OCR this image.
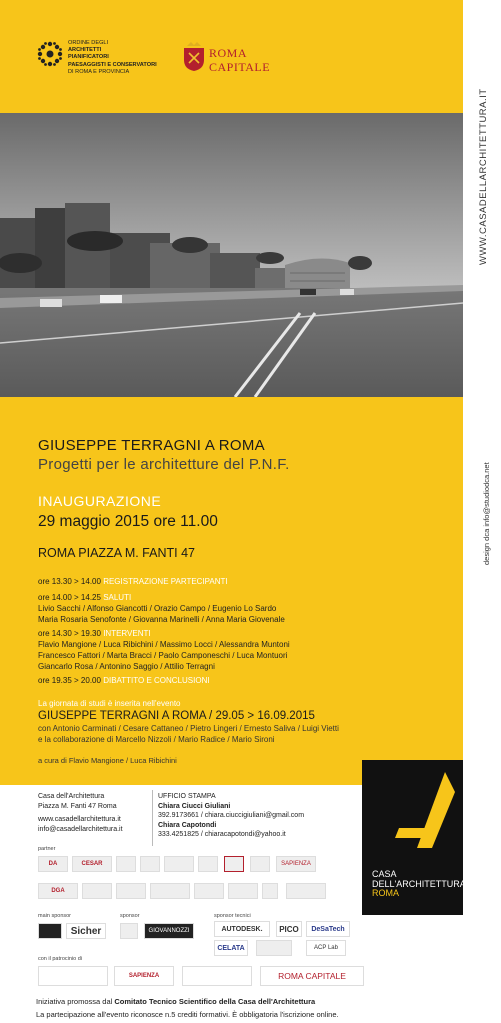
WWW.CASADELLARCHITETTURA.IT
design dca info@studiodca.net
ORDINE DEGLI
ARCHITETTI
PIANIFICATORI
PAESAGGISTI E CONSERVATORI
DI ROMA E PROVINCIA
ROMA
CAPITALE
GIUSEPPE TERRAGNI A ROMA
Progetti per le architetture del P.N.F.
INAUGURAZIONE
29 maggio 2015 ore 11.00
ROMA PIAZZA M. FANTI 47
ore 13.30 > 14.00 REGISTRAZIONE PARTECIPANTI
ore 14.00 > 14.25 SALUTI
Livio Sacchi / Alfonso Giancotti / Orazio Campo / Eugenio Lo Sardo
Maria Rosaria Senofonte / Giovanna Marinelli / Anna Maria Giovenale
ore 14.30 > 19.30 INTERVENTI
Flavio Mangione / Luca Ribichini / Massimo Locci / Alessandra Muntoni
Francesco Fattori / Marta Bracci / Paolo Camponeschi / Luca Montuori
Giancarlo Rosa / Antonino Saggio / Attilio Terragni
ore 19.35 > 20.00 DIBATTITO E CONCLUSIONI
La giornata di studi è inserita nell'evento
GIUSEPPE TERRAGNI A ROMA / 29.05 > 16.09.2015
con Antonio Carminati / Cesare Cattaneo / Pietro Lingeri / Ernesto Saliva / Luigi Vietti
e la collaborazione di Marcello Nizzoli / Mario Radice / Mario Sironi
a cura di Flavio Mangione / Luca Ribichini
CASA
DELL'ARCHITETTURA
ROMA
Casa dell'Architettura
Piazza M. Fanti 47 Roma
www.casadellarchitettura.it
info@casadellarchitettura.it
UFFICIO STAMPA
Chiara Ciucci Giuliani
392.9173661 / chiara.ciuccigiuliani@gmail.com
Chiara Capotondi
333.4251825 / chiaracapotondi@yahoo.it
partner
DA	CESAR	SAPIENZA
DGA
main sponsor	sponsor	sponsor tecnici
Sicher	GIOVANNOZZI	AUTODESK.	PICO	DeSaTech
CELATA	ACP Lab
con il patrocinio di
SAPIENZA	ROMA CAPITALE
Iniziativa promossa dal Comitato Tecnico Scientifico della Casa dell'Architettura
La partecipazione all'evento riconosce n.5 crediti formativi. È obbligatoria l'iscrizione online.
